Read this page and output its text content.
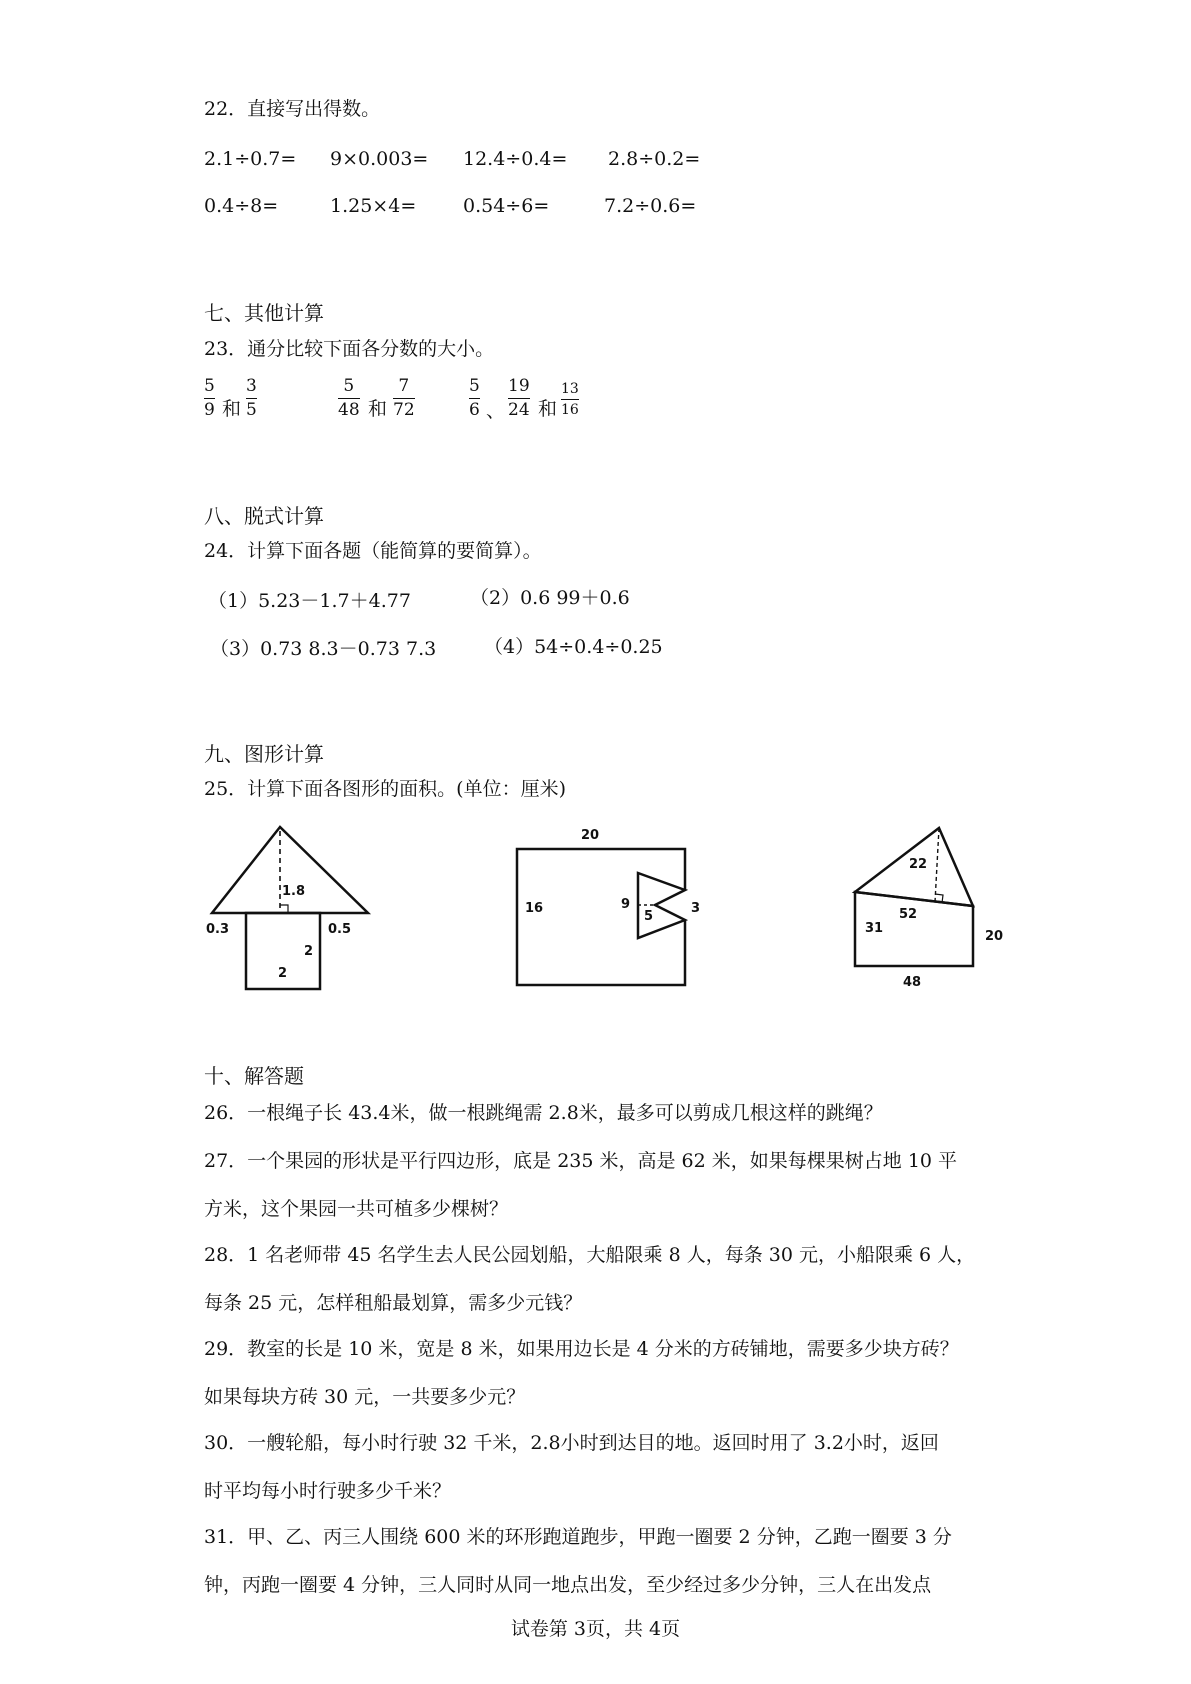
22．直接写出得数。
2.1÷0.7= 9×0.003= 12.4÷0.4= 2.8÷0.2=
0.4÷8=	1.25×4= 0.54÷6=	7.2÷0.6=
七、其他计算
23．通分比较下面各分数的大小。
5
9 和
3
5
5
48 和
7
72
5
6 、
19
24 和
13
16
八、脱式计算
24．计算下面各题（能简算的要简算）。
（1）5.23－1.7＋4.77	（2）0.6 99＋0.6
（3）0.73 8.3－0.73 7.3	（4）54÷0.4÷0.25
九、图形计算
25．计算下面各图形的面积。(单位：厘米)
1.8
0.3	0.5
2
2
20
16	9
5
3
22
52
31
20
48
十、解答题
26．一根绳子长 43.4米，做一根跳绳需 2.8米，最多可以剪成几根这样的跳绳？
27．一个果园的形状是平行四边形，底是 235 米，高是 62 米，如果每棵果树占地 10 平
方米，这个果园一共可植多少棵树？
28．1 名老师带 45 名学生去人民公园划船，大船限乘 8 人，每条 30 元，小船限乘 6 人，
每条 25 元，怎样租船最划算，需多少元钱？
29．教室的长是 10 米，宽是 8 米，如果用边长是 4 分米的方砖铺地，需要多少块方砖？
如果每块方砖 30 元，一共要多少元？
30．一艘轮船，每小时行驶 32 千米，2.8小时到达目的地。返回时用了 3.2小时，返回
时平均每小时行驶多少千米？
31．甲、乙、丙三人围绕 600 米的环形跑道跑步，甲跑一圈要 2 分钟，乙跑一圈要 3 分
钟，丙跑一圈要 4 分钟，三人同时从同一地点出发，至少经过多少分钟，三人在出发点
试卷第 3页，共 4页
